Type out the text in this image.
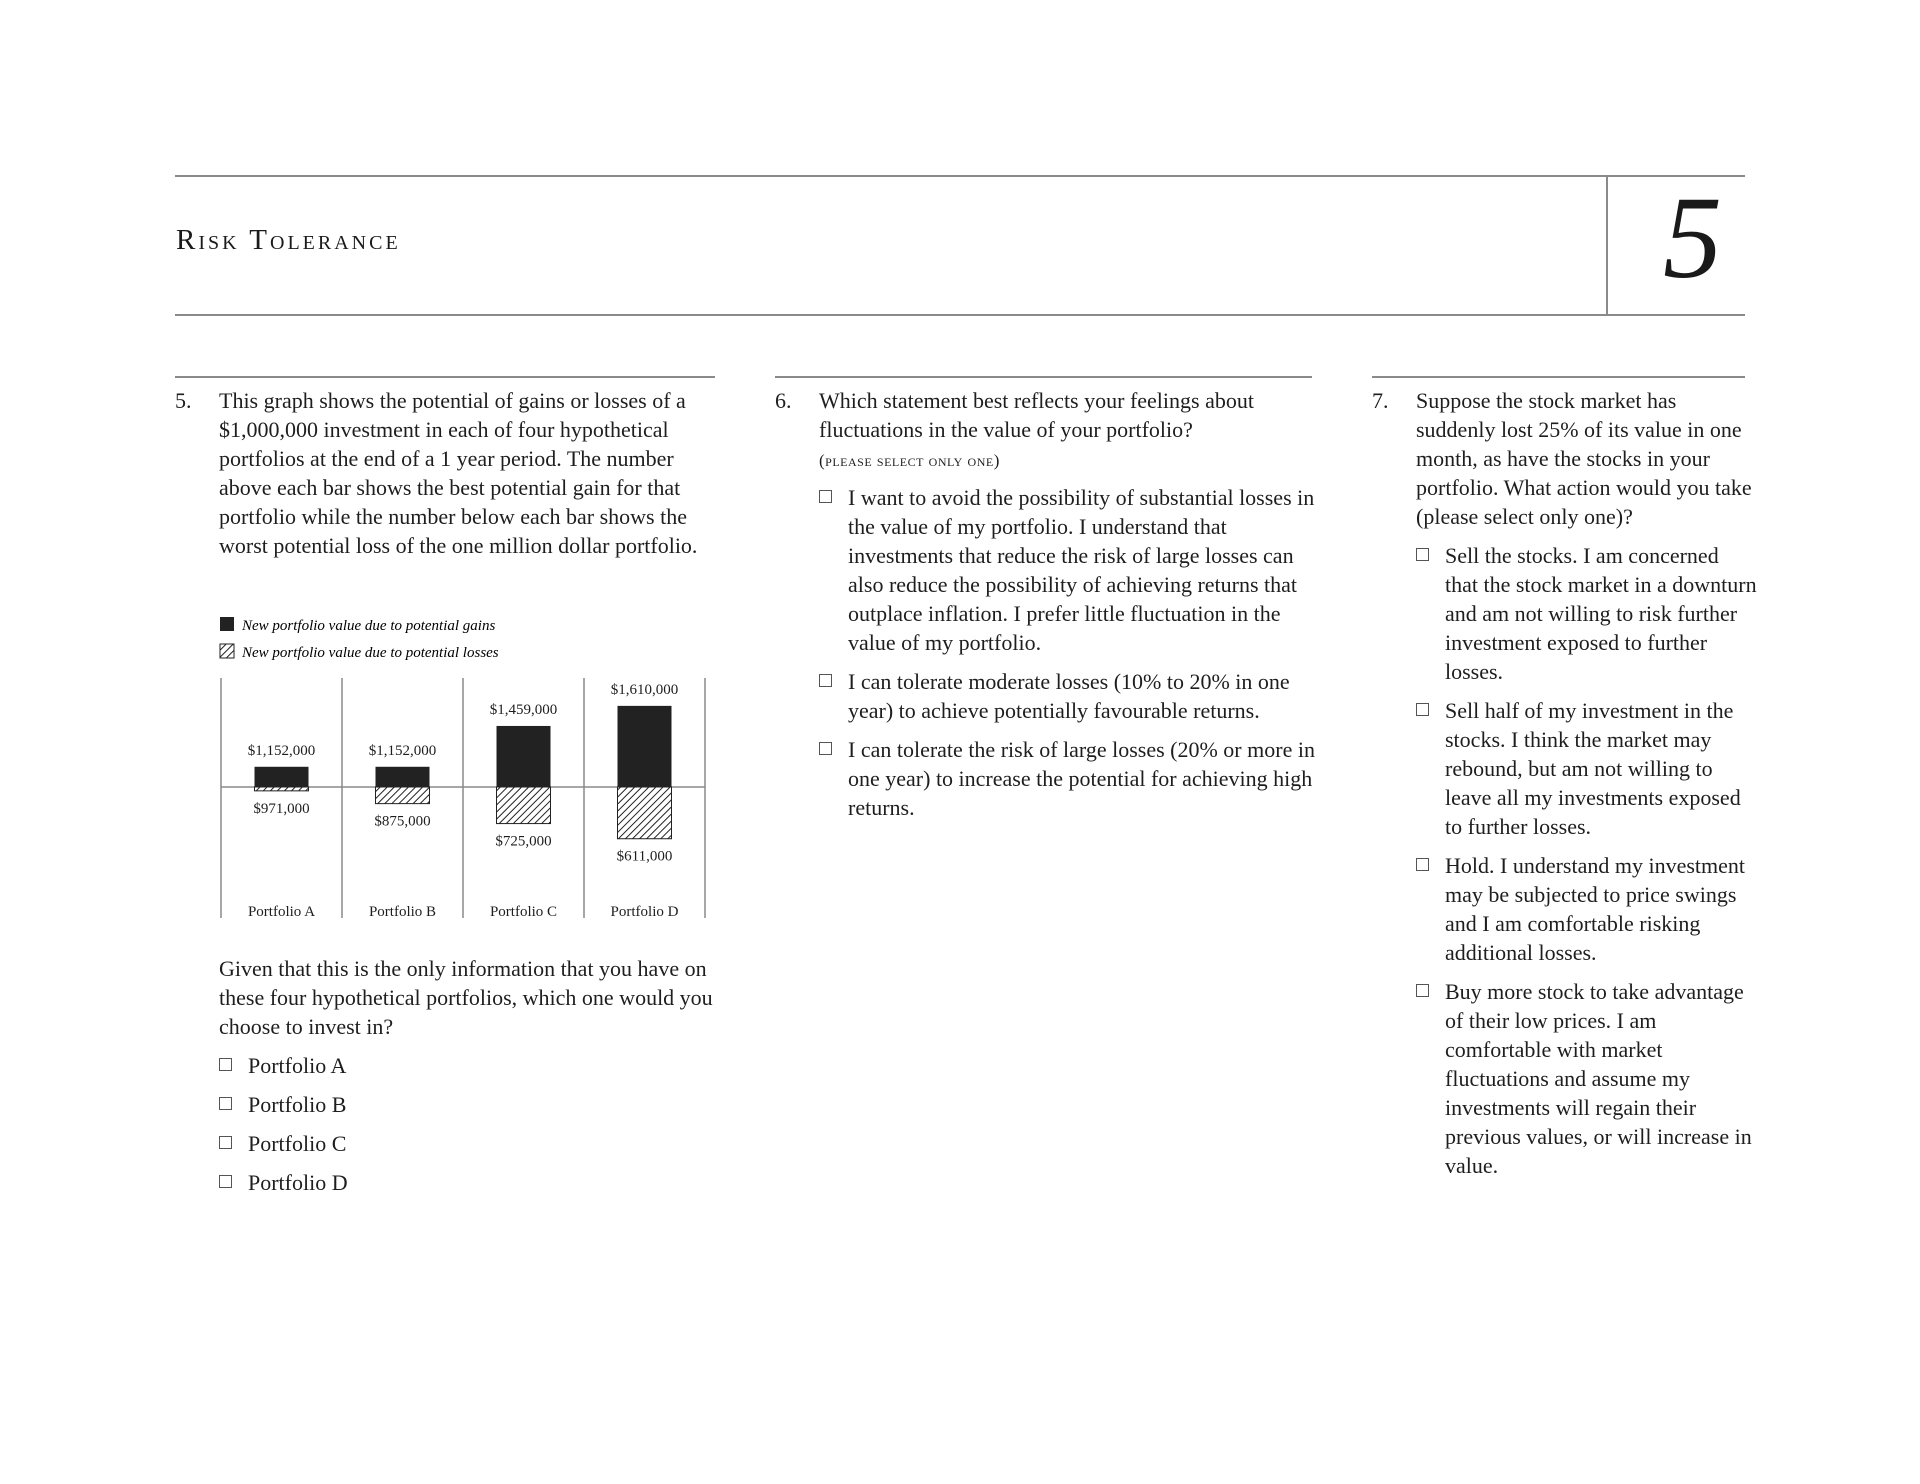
Risk Tolerance	5
5. This graph shows the potential of gains or losses of a $1,000,000 investment in each of four hypothetical portfolios at the end of a 1 year period. The number above each bar shows the best potential gain for that portfolio while the number below each bar shows the worst potential loss of the one million dollar portfolio.
New portfolio value due to potential gains
New portfolio value due to potential losses
$1,152,000
$971,000
Portfolio A
$1,152,000
$875,000
Portfolio B
$1,459,000
$725,000
Portfolio C
$1,610,000
$611,000
Portfolio D
Given that this is the only information that you have on these four hypothetical portfolios, which one would you choose to invest in?
Portfolio A
Portfolio B
Portfolio C
Portfolio D
6. Which statement best reflects your feelings about fluctuations in the value of your portfolio?
(please select only one)
I want to avoid the possibility of substantial losses in the value of my portfolio. I understand that investments that reduce the risk of large losses can also reduce the possibility of achieving returns that outplace inflation. I prefer little fluctuation in the value of my portfolio.
I can tolerate moderate losses (10% to 20% in one year) to achieve potentially favourable returns.
I can tolerate the risk of large losses (20% or more in one year) to increase the potential for achieving high returns.
7. Suppose the stock market has suddenly lost 25% of its value in one month, as have the stocks in your portfolio. What action would you take (please select only one)?
Sell the stocks. I am concerned that the stock market in a downturn and am not willing to risk further investment exposed to further losses.
Sell half of my investment in the stocks. I think the market may rebound, but am not willing to leave all my investments exposed to further losses.
Hold. I understand my investment may be subjected to price swings and I am comfortable risking additional losses.
Buy more stock to take advantage of their low prices. I am comfortable with market fluctuations and assume my investments will regain their previous values, or will increase in value.
